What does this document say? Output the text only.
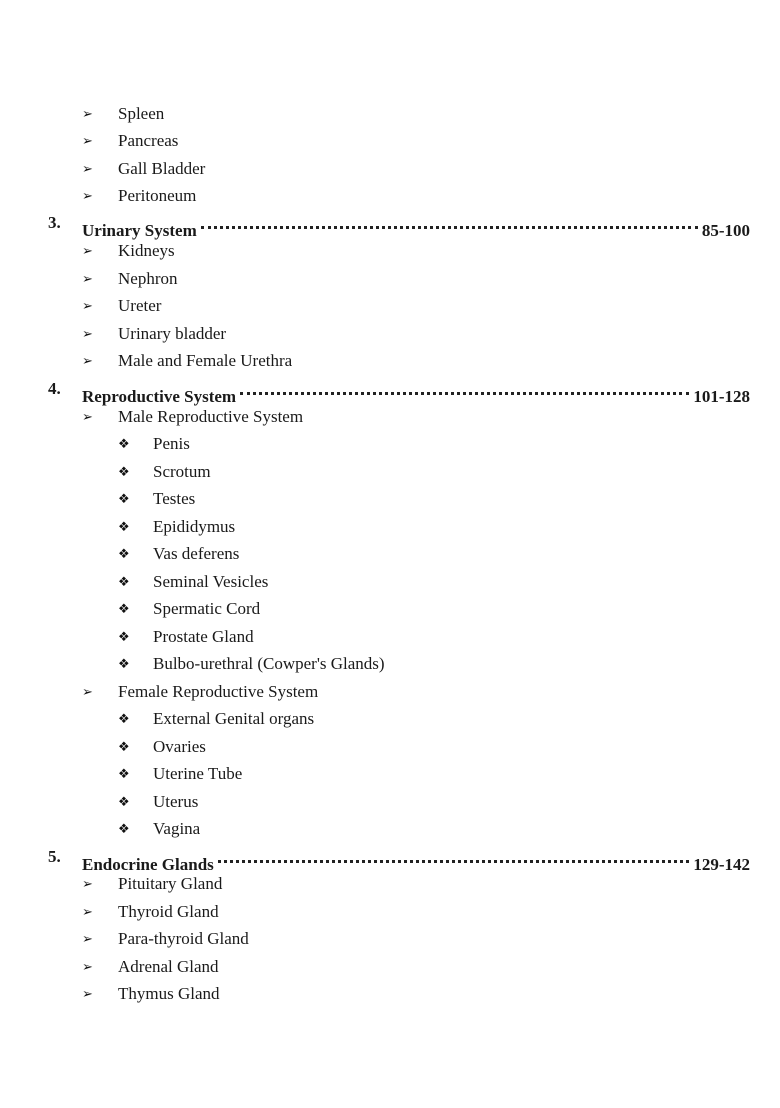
➢ Spleen
➢ Pancreas
➢ Gall Bladder
➢ Peritoneum
3. Urinary System	85-100
➢ Kidneys
➢ Nephron
➢ Ureter
➢ Urinary bladder
➢ Male and Female Urethra
4. Reproductive System	101-128
➢ Male Reproductive System
❖ Penis
❖ Scrotum
❖ Testes
❖ Epididymus
❖ Vas deferens
❖ Seminal Vesicles
❖ Spermatic Cord
❖ Prostate Gland
❖ Bulbo-urethral (Cowper's Glands)
➢ Female Reproductive System
❖ External Genital organs
❖ Ovaries
❖ Uterine Tube
❖ Uterus
❖ Vagina
5. Endocrine Glands	129-142
➢ Pituitary Gland
➢ Thyroid Gland
➢ Para-thyroid Gland
➢ Adrenal Gland
➢ Thymus Gland
